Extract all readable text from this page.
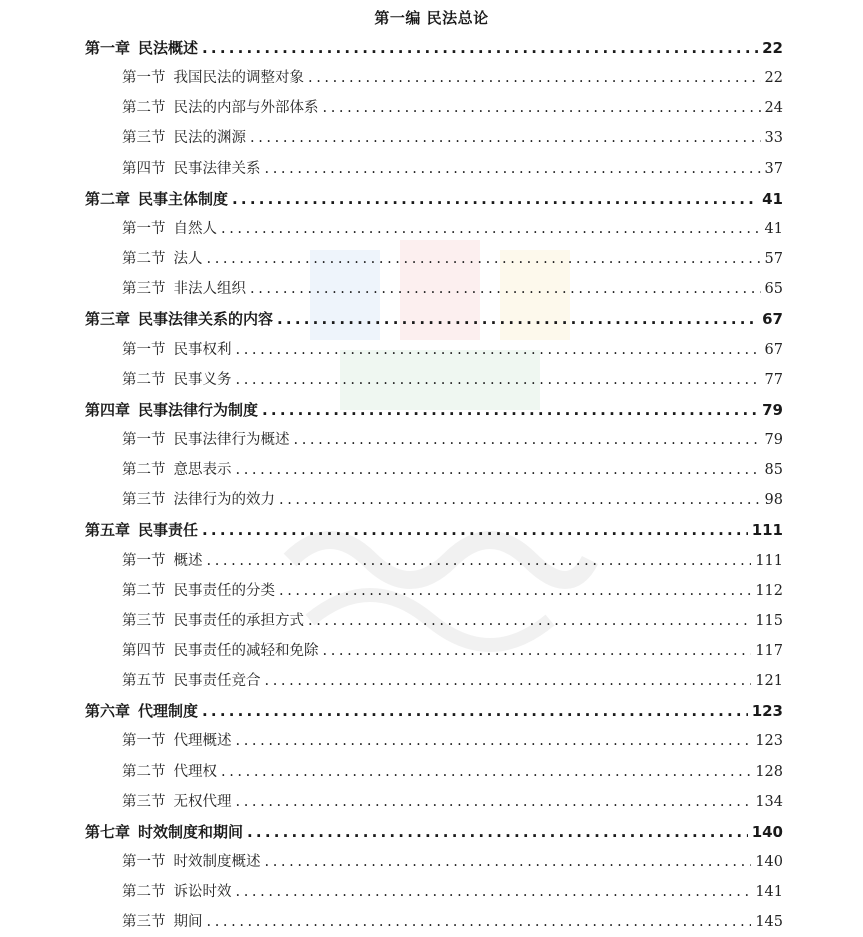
第一编 民法总论
第一章 民法概述 .....	22
第一节 我国民法的调整对象 .....	22
第二节 民法的内部与外部体系 .....	24
第三节 民法的渊源 .....	33
第四节 民事法律关系 .....	37
第二章 民事主体制度 .....	41
第一节 自然人 .....	41
第二节 法人 .....	57
第三节 非法人组织 .....	65
第三章 民事法律关系的内容 .....	67
第一节 民事权利 .....	67
第二节 民事义务 .....	77
第四章 民事法律行为制度 .....	79
第一节 民事法律行为概述 .....	79
第二节 意思表示 .....	85
第三节 法律行为的效力 .....	98
第五章 民事责任 .....	111
第一节 概述 .....	111
第二节 民事责任的分类 .....	112
第三节 民事责任的承担方式 .....	115
第四节 民事责任的减轻和免除 .....	117
第五节 民事责任竞合 .....	121
第六章 代理制度 .....	123
第一节 代理概述 .....	123
第二节 代理权 .....	128
第三节 无权代理 .....	134
第七章 时效制度和期间 .....	140
第一节 时效制度概述 .....	140
第二节 诉讼时效 .....	141
第三节 期间 .....	145
